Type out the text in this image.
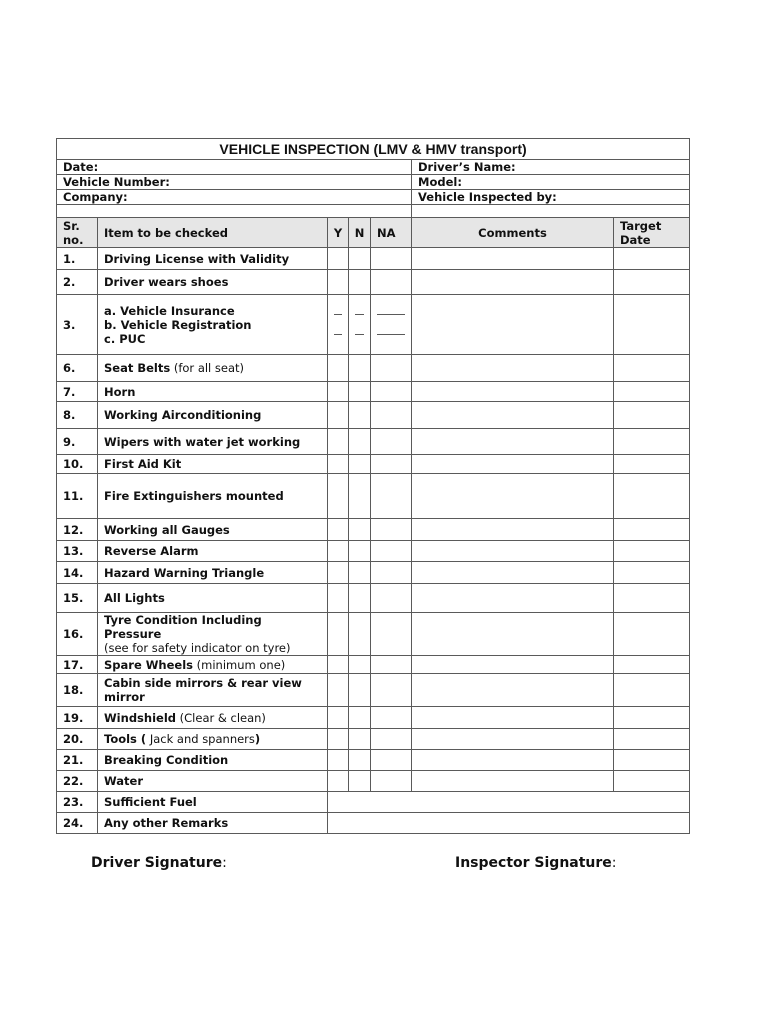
VEHICLE INSPECTION (LMV & HMV transport)						
Date:					Driver’s Name:	
Vehicle Number:					Model:	
Company:					Vehicle Inspected by:	

Sr. no.	Item to be checked	Y	N	NA	Comments	Target Date
1.	Driving License with Validity					
2.	Driver wears shoes					
3.	a. Vehicle Insurance
b. Vehicle Registration
c. PUC					

6.	Seat Belts (for all seat)					
7.	Horn					
8.	Working Airconditioning					
9.	Wipers with water jet working					
10.	First Aid Kit					
11.	Fire Extinguishers mounted					
12.	Working all Gauges					
13.	Reverse Alarm					
14.	Hazard Warning Triangle					
15.	All Lights					
16.	Tyre Condition Including Pressure
(see for safety indicator on tyre)					
17.	Spare Wheels (minimum one)					
18.	Cabin side mirrors & rear view mirror					
19.	Windshield (Clear & clean)					
20.	Tools ( Jack and spanners)					
21.	Breaking Condition					
22.	Water					
23.	Sufficient Fuel					
24.	Any other Remarks					
Driver Signature:	Inspector Signature:
